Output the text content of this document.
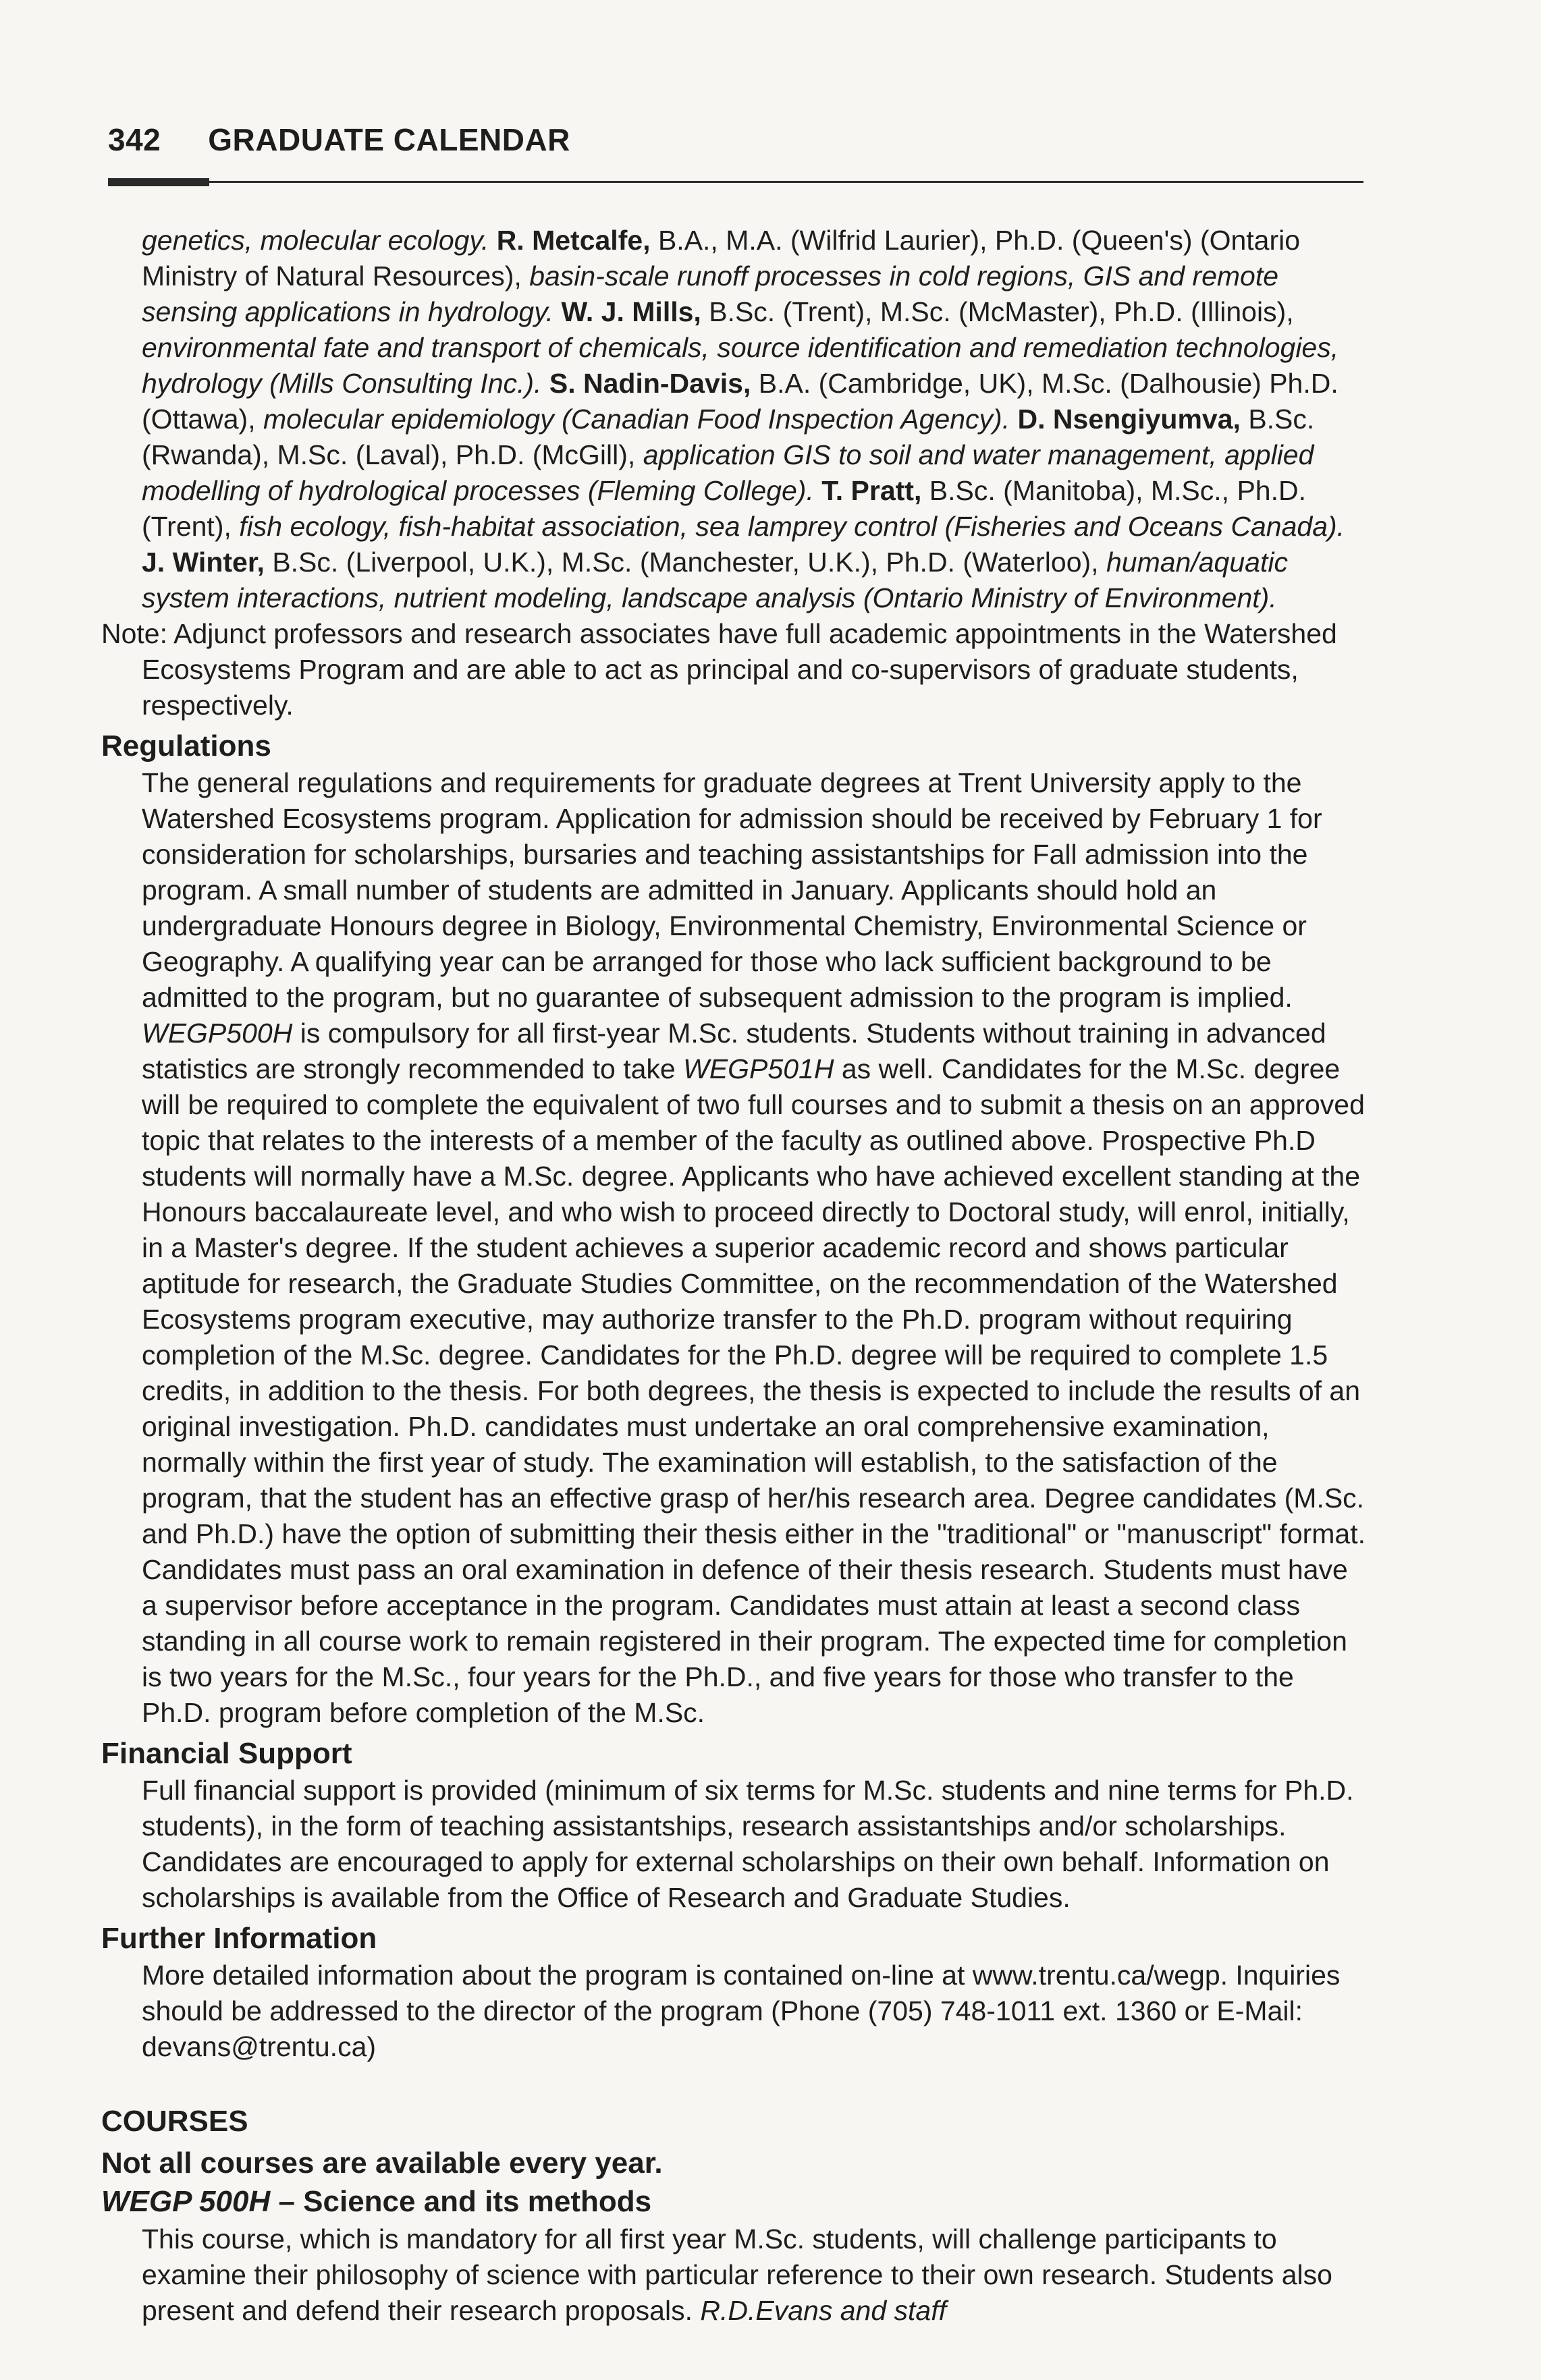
342 GRADUATE CALENDAR

genetics, molecular ecology. R. Metcalfe, B.A., M.A. (Wilfrid Laurier), Ph.D. (Queen's) (Ontario Ministry of Natural Resources), basin-scale runoff processes in cold regions, GIS and remote sensing applications in hydrology. W. J. Mills, B.Sc. (Trent), M.Sc. (McMaster), Ph.D. (Illinois), environmental fate and transport of chemicals, source identification and remediation technologies, hydrology (Mills Consulting Inc.). S. Nadin-Davis, B.A. (Cambridge, UK), M.Sc. (Dalhousie) Ph.D. (Ottawa), molecular epidemiology (Canadian Food Inspection Agency). D. Nsengiyumva, B.Sc. (Rwanda), M.Sc. (Laval), Ph.D. (McGill), application GIS to soil and water management, applied modelling of hydrological processes (Fleming College). T. Pratt, B.Sc. (Manitoba), M.Sc., Ph.D. (Trent), fish ecology, fish-habitat association, sea lamprey control (Fisheries and Oceans Canada). J. Winter, B.Sc. (Liverpool, U.K.), M.Sc. (Manchester, U.K.), Ph.D. (Waterloo), human/aquatic system interactions, nutrient modeling, landscape analysis (Ontario Ministry of Environment).

Note: Adjunct professors and research associates have full academic appointments in the Watershed Ecosystems Program and are able to act as principal and co-supervisors of graduate students, respectively.

Regulations

The general regulations and requirements for graduate degrees at Trent University apply to the Watershed Ecosystems program. Application for admission should be received by February 1 for consideration for scholarships, bursaries and teaching assistantships for Fall admission into the program. A small number of students are admitted in January. Applicants should hold an undergraduate Honours degree in Biology, Environmental Chemistry, Environmental Science or Geography. A qualifying year can be arranged for those who lack sufficient background to be admitted to the program, but no guarantee of subsequent admission to the program is implied. WEGP500H is compulsory for all first-year M.Sc. students. Students without training in advanced statistics are strongly recommended to take WEGP501H as well. Candidates for the M.Sc. degree will be required to complete the equivalent of two full courses and to submit a thesis on an approved topic that relates to the interests of a member of the faculty as outlined above. Prospective Ph.D students will normally have a M.Sc. degree. Applicants who have achieved excellent standing at the Honours baccalaureate level, and who wish to proceed directly to Doctoral study, will enrol, initially, in a Master's degree. If the student achieves a superior academic record and shows particular aptitude for research, the Graduate Studies Committee, on the recommendation of the Watershed Ecosystems program executive, may authorize transfer to the Ph.D. program without requiring completion of the M.Sc. degree. Candidates for the Ph.D. degree will be required to complete 1.5 credits, in addition to the thesis. For both degrees, the thesis is expected to include the results of an original investigation. Ph.D. candidates must undertake an oral comprehensive examination, normally within the first year of study. The examination will establish, to the satisfaction of the program, that the student has an effective grasp of her/his research area. Degree candidates (M.Sc. and Ph.D.) have the option of submitting their thesis either in the "traditional" or "manuscript" format. Candidates must pass an oral examination in defence of their thesis research. Students must have a supervisor before acceptance in the program. Candidates must attain at least a second class standing in all course work to remain registered in their program. The expected time for completion is two years for the M.Sc., four years for the Ph.D., and five years for those who transfer to the Ph.D. program before completion of the M.Sc.

Financial Support

Full financial support is provided (minimum of six terms for M.Sc. students and nine terms for Ph.D. students), in the form of teaching assistantships, research assistantships and/or scholarships. Candidates are encouraged to apply for external scholarships on their own behalf. Information on scholarships is available from the Office of Research and Graduate Studies.

Further Information

More detailed information about the program is contained on-line at www.trentu.ca/wegp. Inquiries should be addressed to the director of the program (Phone (705) 748-1011 ext. 1360 or E-Mail: devans@trentu.ca)

COURSES
Not all courses are available every year.
WEGP 500H – Science and its methods

This course, which is mandatory for all first year M.Sc. students, will challenge participants to examine their philosophy of science with particular reference to their own research. Students also present and defend their research proposals. R.D.Evans and staff
